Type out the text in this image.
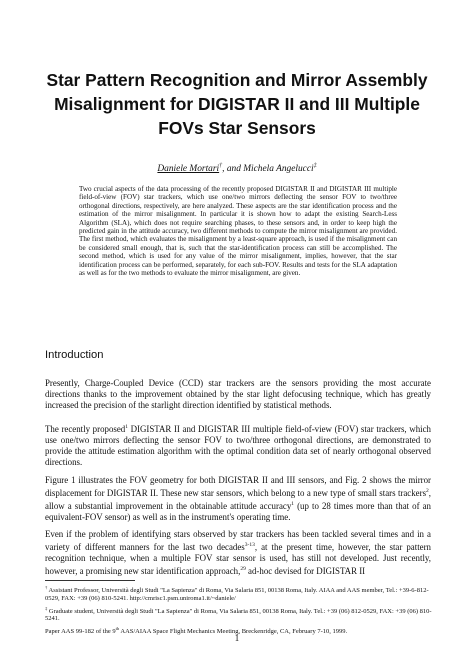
Star Pattern Recognition and Mirror Assembly Misalignment for DIGISTAR II and III Multiple FOVs Star Sensors

Daniele Mortari†, and Michela Angelucci‡

Two crucial aspects of the data processing of the recently proposed DIGISTAR II and DIGISTAR III multiple field-of-view (FOV) star trackers, which use one/two mirrors deflecting the sensor FOV to two/three orthogonal directions, respectively, are here analyzed. These aspects are the star identification process and the estimation of the mirror misalignment. In particular it is shown how to adapt the existing Search-Less Algorithm (SLA), which does not require searching phases, to these sensors and, in order to keep high the predicted gain in the attitude accuracy, two different methods to compute the mirror misalignment are provided. The first method, which evaluates the misalignment by a least-square approach, is used if the misalignment can be considered small enough, that is, such that the star-identification process can still be accomplished. The second method, which is used for any value of the mirror misalignment, implies, however, that the star identification process can be performed, separately, for each sub-FOV. Results and tests for the SLA adaptation as well as for the two methods to evaluate the mirror misalignment, are given.

Introduction

Presently, Charge-Coupled Device (CCD) star trackers are the sensors providing the most accurate directions thanks to the improvement obtained by the star light defocusing technique, which has greatly increased the precision of the starlight direction identified by statistical methods.

The recently proposed$^1$ DIGISTAR II and DIGISTAR III multiple field-of-view (FOV) star trackers, which use one/two mirrors deflecting the sensor FOV to two/three orthogonal directions, are demonstrated to provide the attitude estimation algorithm with the optimal condition data set of nearly orthogonal observed directions.

Figure 1 illustrates the FOV geometry for both DIGISTAR II and III sensors, and Fig. 2 shows the mirror displacement for DIGISTAR II. These new star sensors, which belong to a new type of small stars trackers$^2$, allow a substantial improvement in the obtainable attitude accuracy$^1$ (up to 28 times more than that of an equivalent-FOV sensor) as well as in the instrument's operating time.

Even if the problem of identifying stars observed by star trackers has been tackled several times and in a variety of different manners for the last two decades$^{3-13}$, at the present time, however, the star pattern recognition technique, when a multiple FOV star sensor is used, has still not developed. Just recently, however, a promising new star identification approach,$^{29}$ ad-hoc devised for DIGISTAR II

† Assistant Professor, Università degli Studi "La Sapienza" di Roma, Via Salaria 851, 00138 Roma, Italy. AIAA and AAS member, Tel.: +39-6-812-0529, FAX: +39 (06) 810-5241. http://cmrisc1.psm.uniroma1.it/~daniele/

‡ Graduate student, Università degli Studi "La Sapienza" di Roma, Via Salaria 851, 00138 Roma, Italy. Tel.: +39 (06) 812-0529, FAX: +39 (06) 810-5241.

Paper AAS 99-182 of the 9th AAS/AIAA Space Flight Mechanics Meeting, Breckenridge, CA, February 7-10, 1999.

1
